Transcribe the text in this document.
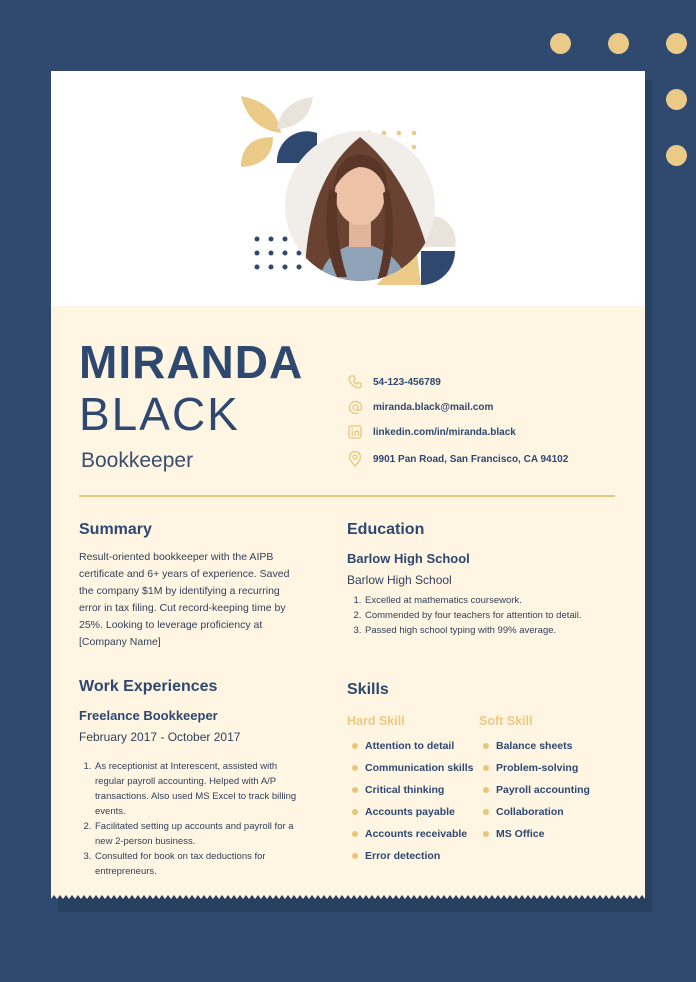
MIRANDA
BLACK
Bookkeeper
54-123-456789
miranda.black@mail.com
linkedin.com/in/miranda.black
9901 Pan Road, San Francisco, CA 94102
Summary

Result-oriented bookkeeper with the AIPB certificate and 6+ years of experience. Saved the company $1M by identifying a recurring error in tax filing. Cut record-keeping time by 25%. Looking to leverage proficiency at [Company Name]

Work Experiences
Freelance Bookkeeper
February 2017 - October 2017
1. As receptionist at Interescent, assisted with regular payroll accounting. Helped with A/P transactions. Also used MS Excel to track billing events.
2. Facilitated setting up accounts and payroll for a new 2-person business.
3. Consulted for book on tax deductions for entrepreneurs.
Education
Barlow High School
Barlow High School
1. Excelled at mathematics coursework.
2. Commended by four teachers for attention to detail.
3. Passed high school typing with 99% average.
Skills
Hard Skill	Soft Skill
Attention to detail
Communication skills
Critical thinking
Accounts payable
Accounts receivable
Error detection
Balance sheets
Problem-solving
Payroll accounting
Collaboration
MS Office
